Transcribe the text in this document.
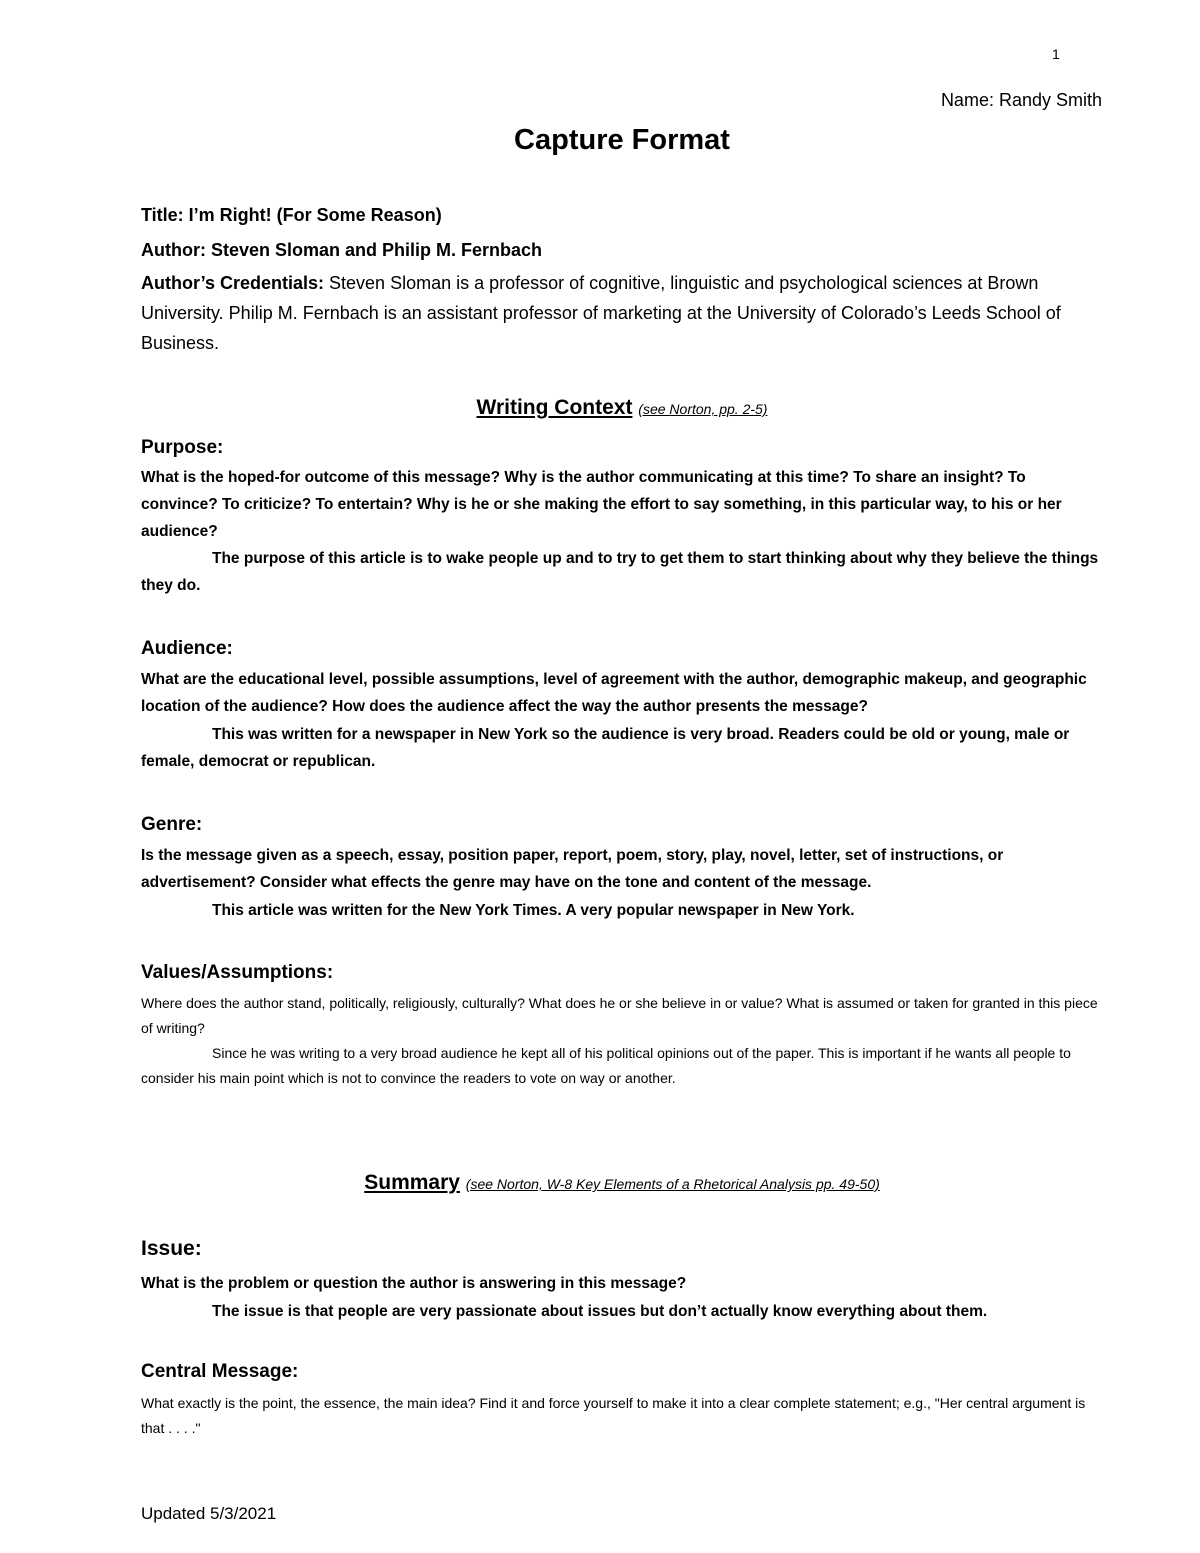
1
Name: Randy Smith
Capture Format
Title: I’m Right! (For Some Reason)
Author: Steven Sloman and Philip M. Fernbach
Author’s Credentials: Steven Sloman is a professor of cognitive, linguistic and psychological sciences at Brown University. Philip M. Fernbach is an assistant professor of marketing at the University of Colorado’s Leeds School of Business.
Writing Context (see Norton, pp. 2-5)
Purpose:
What is the hoped-for outcome of this message? Why is the author communicating at this time? To share an insight? To convince? To criticize? To entertain? Why is he or she making the effort to say something, in this particular way, to his or her audience?
The purpose of this article is to wake people up and to try to get them to start thinking about why they believe the things they do.
Audience:
What are the educational level, possible assumptions, level of agreement with the author, demographic makeup, and geographic location of the audience? How does the audience affect the way the author presents the message?
This was written for a newspaper in New York so the audience is very broad. Readers could be old or young, male or female, democrat or republican.
Genre:
Is the message given as a speech, essay, position paper, report, poem, story, play, novel, letter, set of instructions, or advertisement? Consider what effects the genre may have on the tone and content of the message.
This article was written for the New York Times. A very popular newspaper in New York.
Values/Assumptions:
Where does the author stand, politically, religiously, culturally? What does he or she believe in or value? What is assumed or taken for granted in this piece of writing?
Since he was writing to a very broad audience he kept all of his political opinions out of the paper. This is important if he wants all people to consider his main point which is not to convince the readers to vote on way or another.
Summary (see Norton, W-8 Key Elements of a Rhetorical Analysis pp. 49-50)
Issue:
What is the problem or question the author is answering in this message?
The issue is that people are very passionate about issues but don’t actually know everything about them.
Central Message:
What exactly is the point, the essence, the main idea? Find it and force yourself to make it into a clear complete statement; e.g., "Her central argument is that . . . ."
Updated 5/3/2021
